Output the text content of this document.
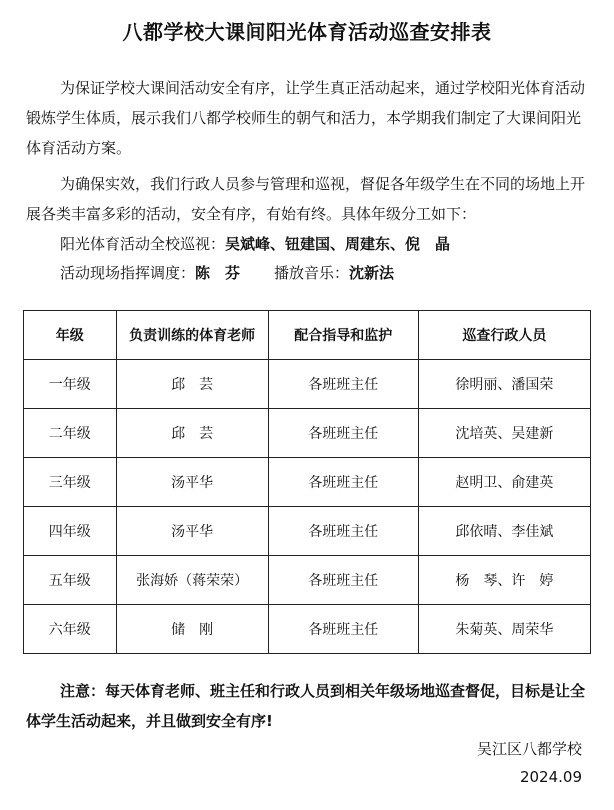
八都学校大课间阳光体育活动巡查安排表
为保证学校大课间活动安全有序，让学生真正活动起来，通过学校阳光体育活动锻炼学生体质，展示我们八都学校师生的朝气和活力，本学期我们制定了大课间阳光体育活动方案。
为确保实效，我们行政人员参与管理和巡视，督促各年级学生在不同的场地上开展各类丰富多彩的活动，安全有序，有始有终。具体年级分工如下：
阳光体育活动全校巡视：吴斌峰、钮建国、周建东、倪　晶
活动现场指挥调度：陈　芬 播放音乐：沈新法
年级	负责训练的体育老师	配合指导和监护	巡查行政人员
一年级	邱　芸	各班班主任	徐明丽、潘国荣
二年级	邱　芸	各班班主任	沈培英、吴建新
三年级	汤平华	各班班主任	赵明卫、俞建英
四年级	汤平华	各班班主任	邱依晴、李佳斌
五年级	张海娇（蒋荣荣）	各班班主任	杨　琴、许　婷
六年级	储　刚	各班班主任	朱菊英、周荣华
注意：每天体育老师、班主任和行政人员到相关年级场地巡查督促，目标是让全体学生活动起来，并且做到安全有序!
吴江区八都学校
2024.09
